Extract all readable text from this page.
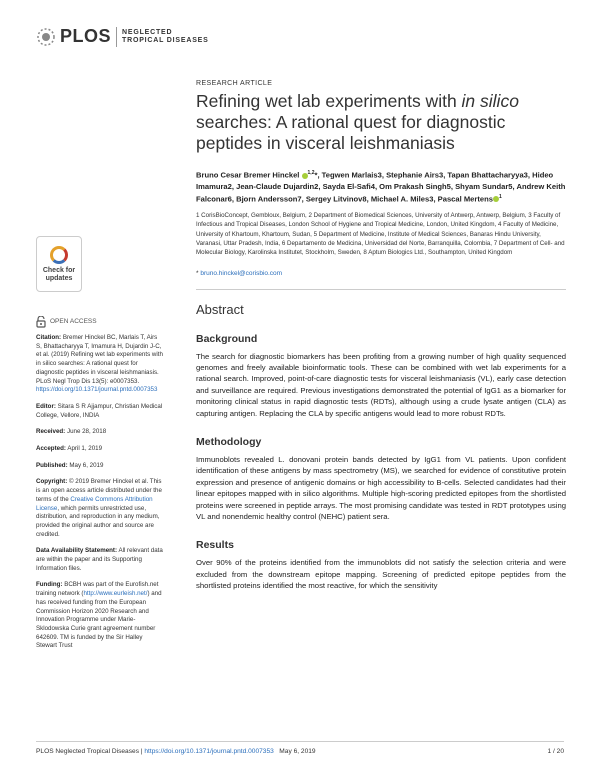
PLOS NEGLECTED
TROPICAL DISEASES
Check for
updates
OPEN ACCESS
Citation: Bremer Hinckel BC, Marlais T, Airs S, Bhattacharyya T, Imamura H, Dujardin J-C, et al. (2019) Refining wet lab experiments with in silico searches: A rational quest for diagnostic peptides in visceral leishmaniasis. PLoS Negl Trop Dis 13(5): e0007353. https://doi.org/10.1371/journal.pntd.0007353
Editor: Sitara S R Ajjampur, Christian Medical College, Vellore, INDIA
Received: June 28, 2018
Accepted: April 1, 2019
Published: May 6, 2019
Copyright: © 2019 Bremer Hinckel et al. This is an open access article distributed under the terms of the Creative Commons Attribution License, which permits unrestricted use, distribution, and reproduction in any medium, provided the original author and source are credited.
Data Availability Statement: All relevant data are within the paper and its Supporting Information files.
Funding: BCBH was part of the Eurofish.net training network (http://www.eurleish.net/) and has received funding from the European Commission Horizon 2020 Research and Innovation Programme under Marie-Sklodowska Curie grant agreement number 642609. TM is funded by the Sir Halley Stewart Trust
RESEARCH ARTICLE
Refining wet lab experiments with in silico searches: A rational quest for diagnostic peptides in visceral leishmaniasis
Bruno Cesar Bremer Hinckel $^{1,2}$*, Tegwen Marlais3, Stephanie Airs3, Tapan Bhattacharyya3, Hideo Imamura2, Jean-Claude Dujardin2, Sayda El-Safi4, Om Prakash Singh5, Shyam Sundar5, Andrew Keith Falconar6, Bjorn Andersson7, Sergey Litvinov8, Michael A. Miles3, Pascal Mertens $^1$
1 CorisBioConcept, Gembloux, Belgium, 2 Department of Biomedical Sciences, University of Antwerp, Antwerp, Belgium, 3 Faculty of Infectious and Tropical Diseases, London School of Hygiene and Tropical Medicine, London, United Kingdom, 4 Faculty of Medicine, University of Khartoum, Khartoum, Sudan, 5 Department of Medicine, Institute of Medical Sciences, Banaras Hindu University, Varanasi, Uttar Pradesh, India, 6 Departamento de Medicina, Universidad del Norte, Barranquilla, Colombia, 7 Department of Cell- and Molecular Biology, Karolinska Institutet, Stockholm, Sweden, 8 Aptum Biologics Ltd., Southampton, United Kingdom
* bruno.hinckel@corisbio.com
Abstract
Background

The search for diagnostic biomarkers has been profiting from a growing number of high quality sequenced genomes and freely available bioinformatic tools. These can be combined with wet lab experiments for a rational search. Improved, point-of-care diagnostic tests for visceral leishmaniasis (VL), early case detection and surveillance are required. Previous investigations demonstrated the potential of IgG1 as a biomarker for monitoring clinical status in rapid diagnostic tests (RDTs), although using a crude lysate antigen (CLA) as capturing antigen. Replacing the CLA by specific antigens would lead to more robust RDTs.

Methodology

Immunoblots revealed L. donovani protein bands detected by IgG1 from VL patients. Upon confident identification of these antigens by mass spectrometry (MS), we searched for evidence of constitutive protein expression and presence of antigenic domains or high accessibility to B-cells. Selected candidates had their linear epitopes mapped with in silico algorithms. Multiple high-scoring predicted epitopes from the shortlisted proteins were screened in peptide arrays. The most promising candidate was tested in RDT prototypes using VL and nonendemic healthy control (NEHC) patient sera.

Results

Over 90% of the proteins identified from the immunoblots did not satisfy the selection criteria and were excluded from the downstream epitope mapping. Screening of predicted epitope peptides from the shortlisted proteins identified the most reactive, for which the sensitivity

PLOS Neglected Tropical Diseases | https://doi.org/10.1371/journal.pntd.0007353 May 6, 2019	1 / 20
